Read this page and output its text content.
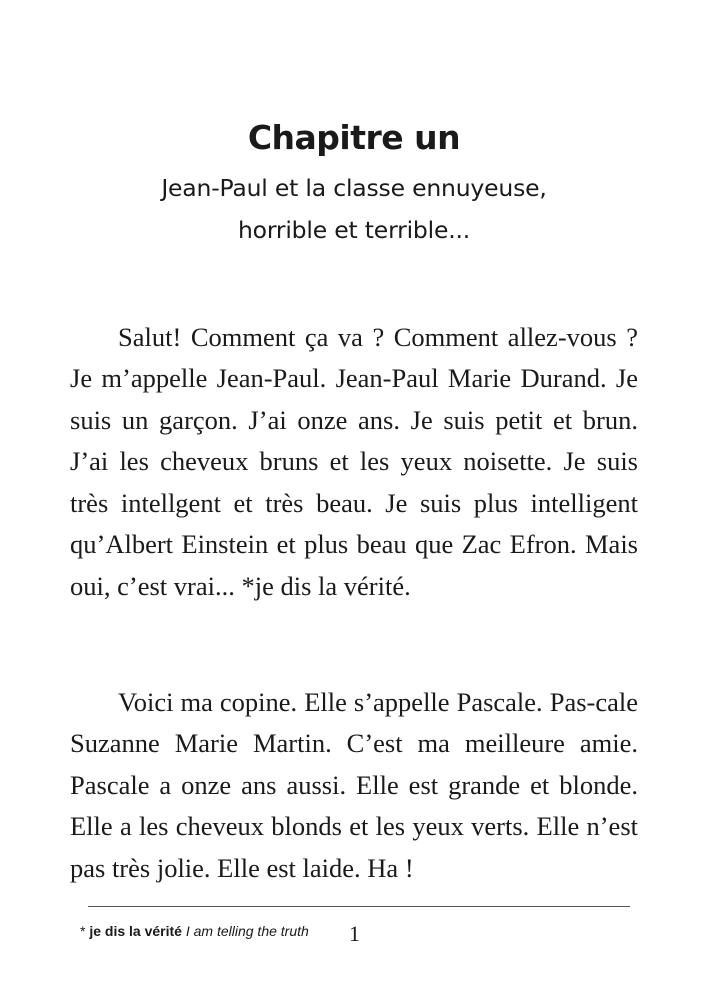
Chapitre un
Jean-Paul et la classe ennuyeuse,
horrible et terrible...

Salut! Comment ça va ? Comment allez-vous ? Je m’appelle Jean-Paul. Jean-Paul Marie Durand. Je suis un garçon. J’ai onze ans. Je suis petit et brun. J’ai les cheveux bruns et les yeux noisette. Je suis très intellgent et très beau. Je suis plus intelligent qu’Albert Einstein et plus beau que Zac Efron. Mais oui, c’est vrai... *je dis la vérité.

Voici ma copine. Elle s’appelle Pascale. Pas-cale Suzanne Marie Martin. C’est ma meilleure amie. Pascale a onze ans aussi. Elle est grande et blonde. Elle a les cheveux blonds et les yeux verts. Elle n’est pas très jolie. Elle est laide. Ha !

* je dis la vérité I am telling the truth 1
